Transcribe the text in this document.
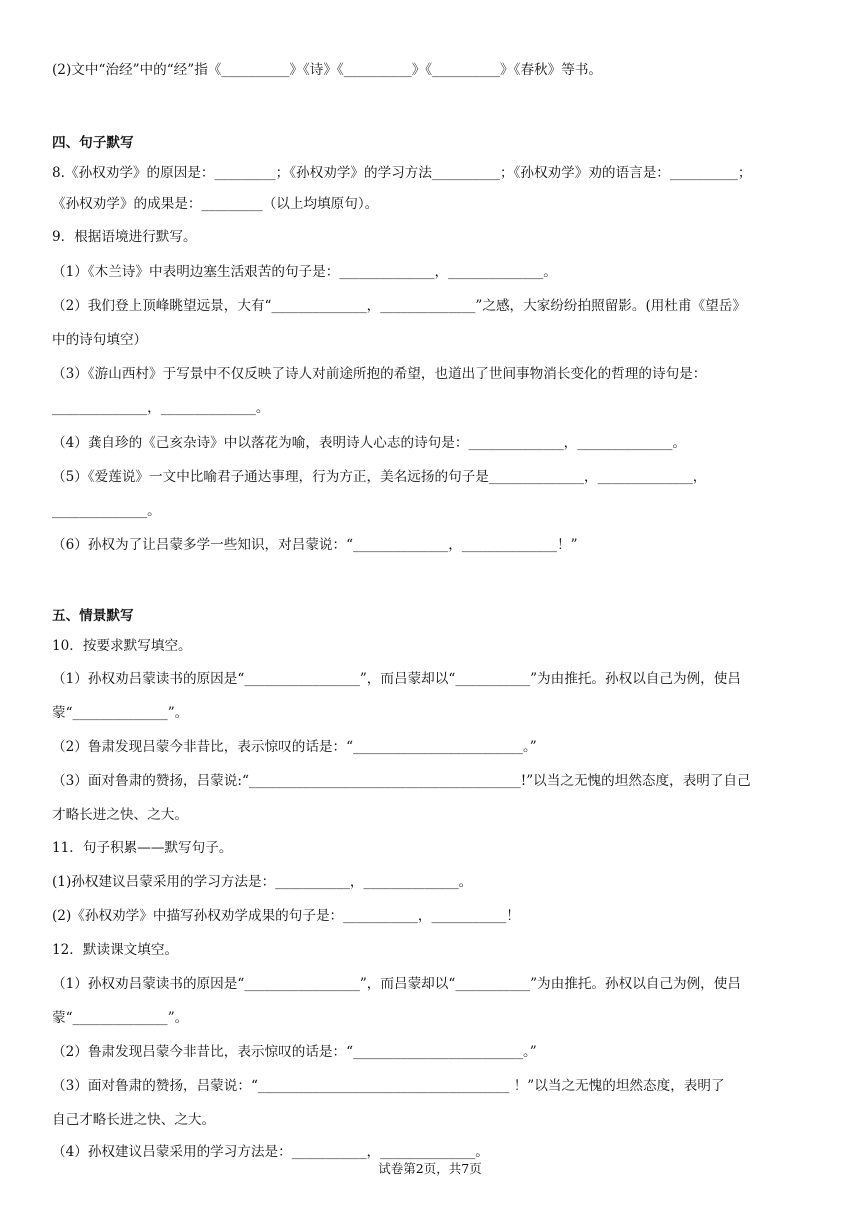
(2)文中“治经”中的“经”指《__________》《诗》《__________》《__________》《春秋》等书。
四、句子默写
8.《孙权劝学》的原因是：_________；《孙权劝学》的学习方法__________；《孙权劝学》劝的语言是：__________；
《孙权劝学》的成果是：_________（以上均填原句）。
9．根据语境进行默写。
（1）《木兰诗》中表明边塞生活艰苦的句子是：______________，______________。
（2）我们登上顶峰眺望远景，大有“______________，______________”之感，大家纷纷拍照留影。(用杜甫《望岳》
中的诗句填空）
（3）《游山西村》于写景中不仅反映了诗人对前途所抱的希望，也道出了世间事物消长变化的哲理的诗句是：
______________，______________。
（4）龚自珍的《己亥杂诗》中以落花为喻，表明诗人心志的诗句是：______________，______________。
（5）《爱莲说》一文中比喻君子通达事理，行为方正，美名远扬的句子是______________，______________，
______________。
（6）孙权为了让吕蒙多学一些知识，对吕蒙说：“______________，______________！”
五、情景默写
10．按要求默写填空。
（1）孙权劝吕蒙读书的原因是“_________________”，而吕蒙却以“___________”为由推托。孙权以自己为例，使吕
蒙“______________”。
（2）鲁肃发现吕蒙今非昔比，表示惊叹的话是：“_________________________。”
（3）面对鲁肃的赞扬，吕蒙说:“________________________________________!”以当之无愧的坦然态度，表明了自己
才略长进之快、之大。
11．句子积累——默写句子。
(1)孙权建议吕蒙采用的学习方法是：___________，______________。
(2)《孙权劝学》中描写孙权劝学成果的句子是：___________，___________！
12．默读课文填空。
（1）孙权劝吕蒙读书的原因是“_________________”，而吕蒙却以“___________”为由推托。孙权以自己为例，使吕
蒙“______________”。
（2）鲁肃发现吕蒙今非昔比，表示惊叹的话是：“_________________________。”
（3）面对鲁肃的赞扬，吕蒙说：“_____________________________________ ！”以当之无愧的坦然态度，表明了
自己才略长进之快、之大。
（4）孙权建议吕蒙采用的学习方法是：___________，______________。
试卷第2页，共7页
